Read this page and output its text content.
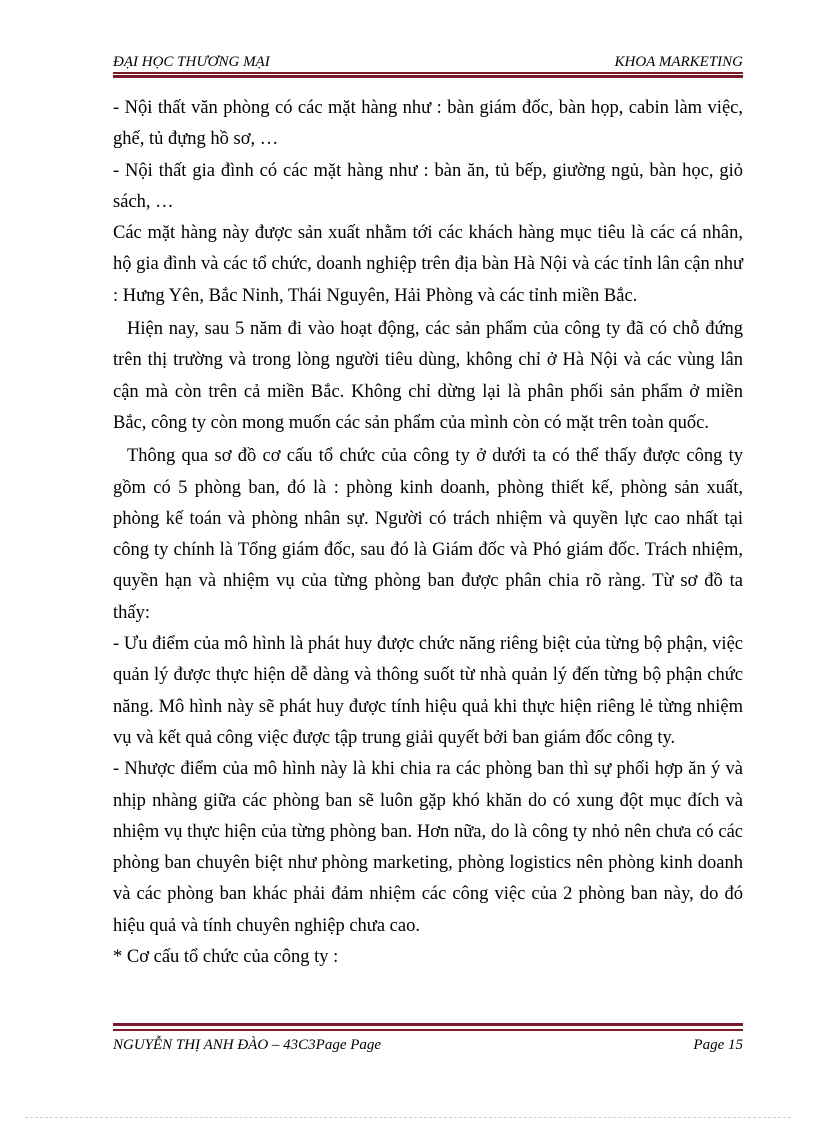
ĐẠI HỌC THƯƠNG MẠI	KHOA MARKETING

- Nội thất văn phòng có các mặt hàng như : bàn giám đốc, bàn họp, cabin làm việc, ghế, tủ đựng hồ sơ, …

- Nội thất gia đình có các mặt hàng như : bàn ăn, tủ bếp, giường ngủ, bàn học, giỏ sách, …

Các mặt hàng này được sản xuất nhằm tới các khách hàng mục tiêu là các cá nhân, hộ gia đình và các tổ chức, doanh nghiệp trên địa bàn Hà Nội và các tỉnh lân cận như : Hưng Yên, Bắc Ninh, Thái Nguyên, Hải Phòng và các tỉnh miền Bắc.

Hiện nay, sau 5 năm đi vào hoạt động, các sản phẩm của công ty đã có chỗ đứng trên thị trường và trong lòng người tiêu dùng, không chỉ ở Hà Nội và các vùng lân cận mà còn trên cả miền Bắc. Không chỉ dừng lại là phân phối sản phẩm ở miền Bắc, công ty còn mong muốn các sản phẩm của mình còn có mặt trên toàn quốc.

Thông qua sơ đồ cơ cấu tổ chức của công ty ở dưới ta có thể thấy được công ty gồm có 5 phòng ban, đó là : phòng kinh doanh, phòng thiết kế, phòng sản xuất, phòng kế toán và phòng nhân sự. Người có trách nhiệm và quyền lực cao nhất tại công ty chính là Tổng giám đốc, sau đó là Giám đốc và Phó giám đốc. Trách nhiệm, quyền hạn và nhiệm vụ của từng phòng ban được phân chia rõ ràng. Từ sơ đồ ta thấy:

- Ưu điểm của mô hình là phát huy được chức năng riêng biệt của từng bộ phận, việc quản lý được thực hiện dễ dàng và thông suốt từ nhà quản lý đến từng bộ phận chức năng. Mô hình này sẽ phát huy được tính hiệu quả khi thực hiện riêng lẻ từng nhiệm vụ và kết quả công việc được tập trung giải quyết bởi ban giám đốc công ty.

- Nhược điểm của mô hình này là khi chia ra các phòng ban thì sự phối hợp ăn ý và nhịp nhàng giữa các phòng ban sẽ luôn gặp khó khăn do có xung đột mục đích và nhiệm vụ thực hiện của từng phòng ban. Hơn nữa, do là công ty nhỏ nên chưa có các phòng ban chuyên biệt như phòng marketing, phòng logistics nên phòng kinh doanh và các phòng ban khác phải đảm nhiệm các công việc của 2 phòng ban này, do đó hiệu quả và tính chuyên nghiệp chưa cao.

* Cơ cấu tổ chức của công ty :

NGUYỄN THỊ ANH ĐÀO – 43C3Page Page	Page 15
